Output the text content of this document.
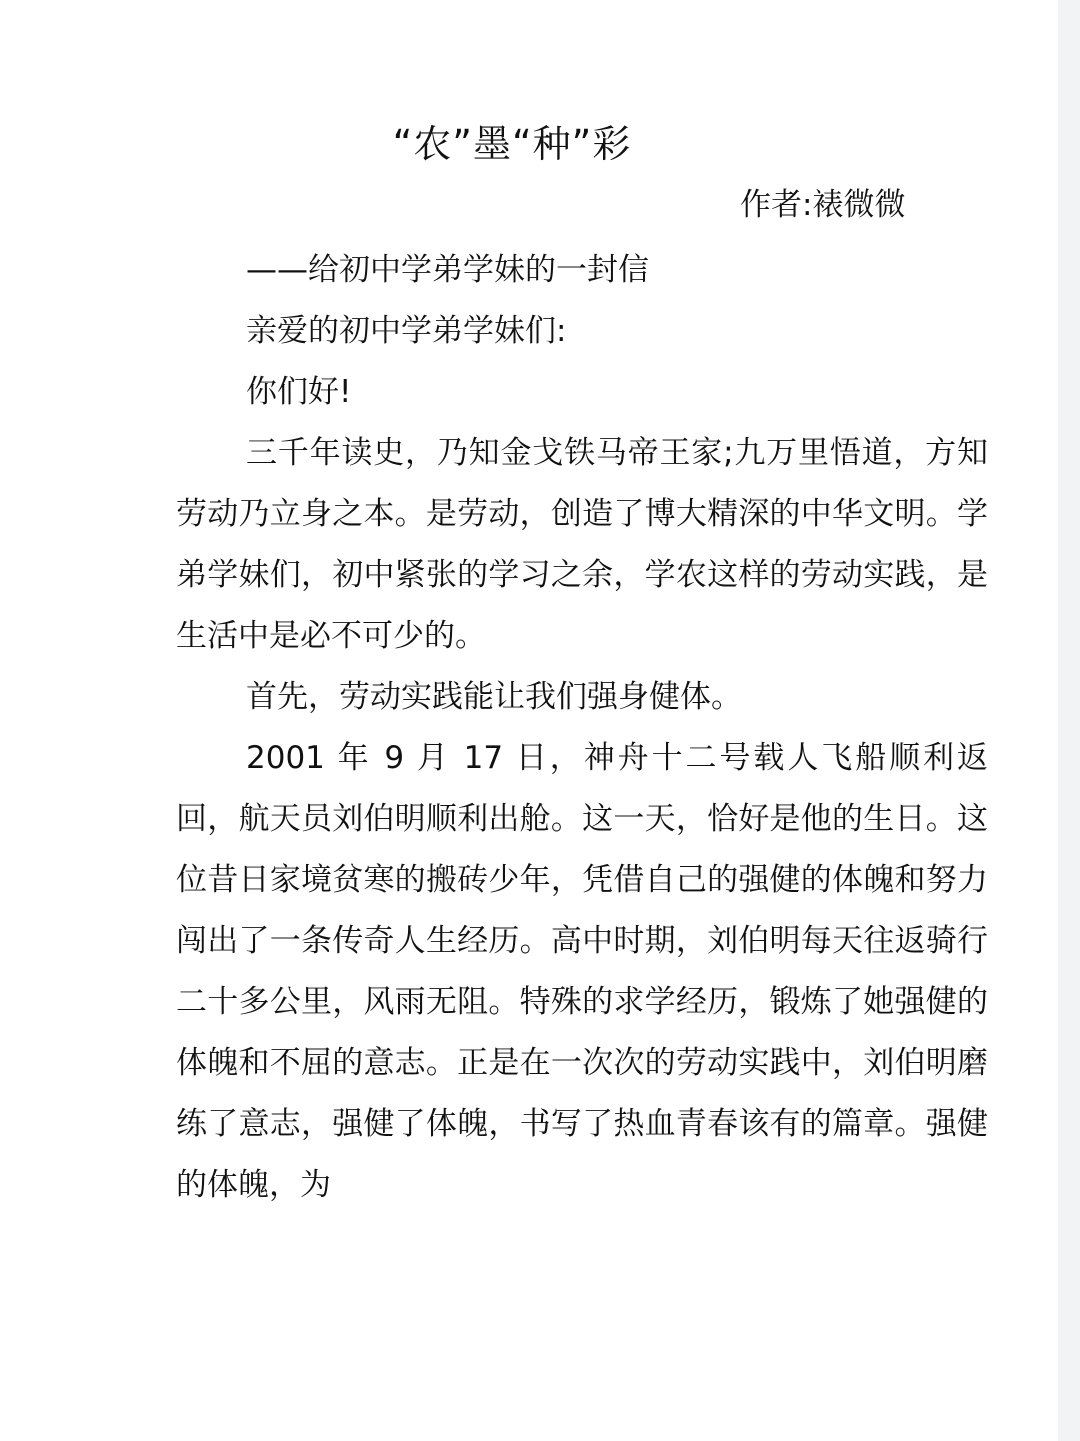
“农”墨“种”彩
作者:裱微微

——给初中学弟学妹的一封信

亲爱的初中学弟学妹们:

你们好!

三千年读史，乃知金戈铁马帝王家;九万里悟道，方知劳动乃立身之本。是劳动，创造了博大精深的中华文明。学弟学妹们，初中紧张的学习之余，学农这样的劳动实践，是生活中是必不可少的。

首先，劳动实践能让我们强身健体。

2001 年 9 月 17 日，神舟十二号载人飞船顺利返回，航天员刘伯明顺利出舱。这一天，恰好是他的生日。这位昔日家境贫寒的搬砖少年，凭借自己的强健的体魄和努力闯出了一条传奇人生经历。高中时期，刘伯明每天往返骑行二十多公里，风雨无阻。特殊的求学经历，锻炼了她强健的体魄和不屈的意志。正是在一次次的劳动实践中，刘伯明磨练了意志，强健了体魄，书写了热血青春该有的篇章。强健的体魄，为
